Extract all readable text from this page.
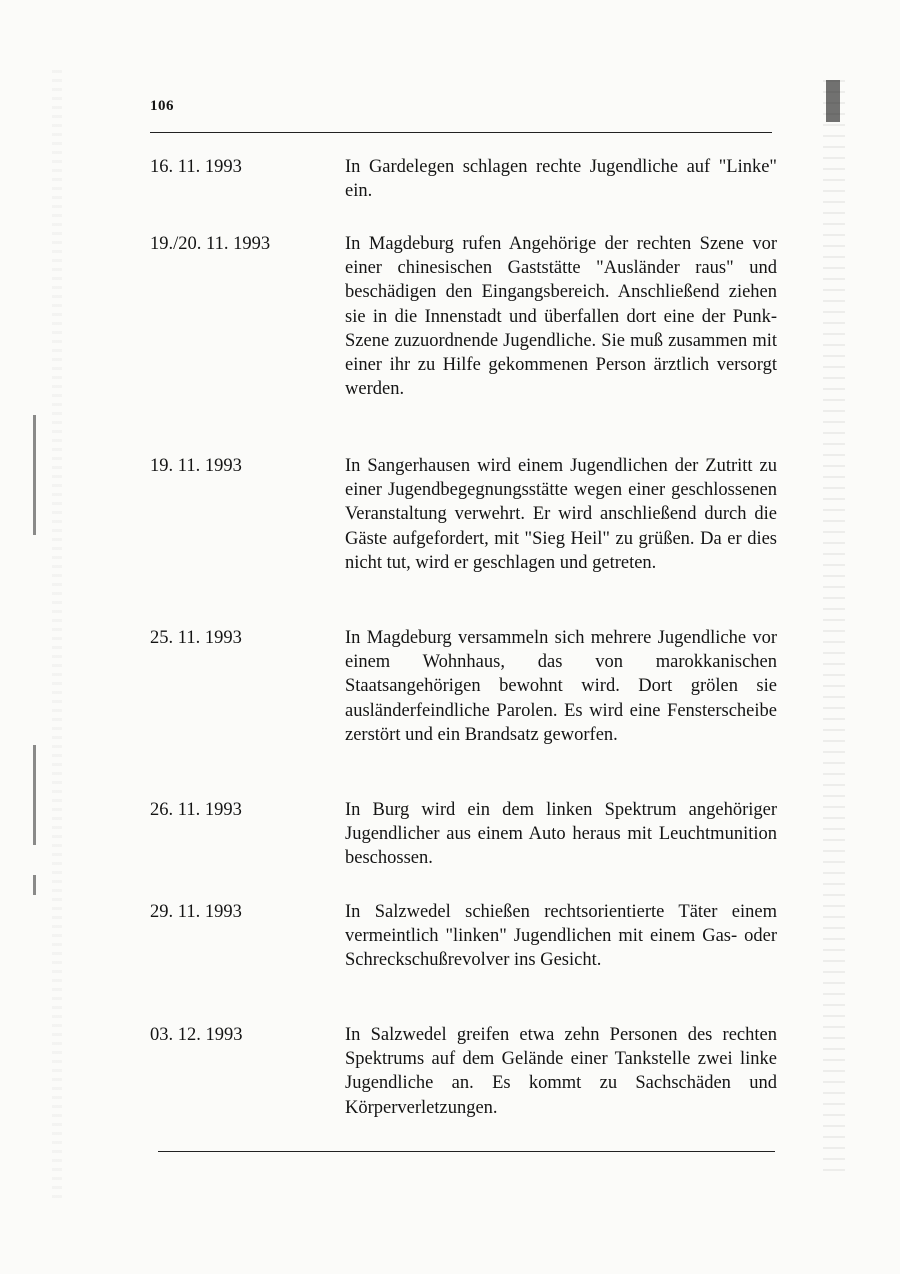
106
16. 11. 1993	In Gardelegen schlagen rechte Jugendliche auf "Linke" ein.
19./20. 11. 1993	In Magdeburg rufen Angehörige der rechten Szene vor einer chinesischen Gaststätte "Ausländer raus" und beschädigen den Eingangsbereich. Anschließend ziehen sie in die Innenstadt und überfallen dort eine der Punk-Szene zuzuordnende Jugendliche. Sie muß zusammen mit einer ihr zu Hilfe gekommenen Person ärztlich versorgt werden.
19. 11. 1993	In Sangerhausen wird einem Jugendlichen der Zutritt zu einer Jugendbegegnungsstätte wegen einer geschlossenen Veranstaltung verwehrt. Er wird anschließend durch die Gäste aufgefordert, mit "Sieg Heil" zu grüßen. Da er dies nicht tut, wird er geschlagen und getreten.
25. 11. 1993	In Magdeburg versammeln sich mehrere Jugendliche vor einem Wohnhaus, das von marokkanischen Staatsangehörigen bewohnt wird. Dort grölen sie ausländerfeindliche Parolen. Es wird eine Fensterscheibe zerstört und ein Brandsatz geworfen.
26. 11. 1993	In Burg wird ein dem linken Spektrum angehöriger Jugendlicher aus einem Auto heraus mit Leuchtmunition beschossen.
29. 11. 1993	In Salzwedel schießen rechtsorientierte Täter einem vermeintlich "linken" Jugendlichen mit einem Gas- oder Schreckschußrevolver ins Gesicht.
03. 12. 1993	In Salzwedel greifen etwa zehn Personen des rechten Spektrums auf dem Gelände einer Tankstelle zwei linke Jugendliche an. Es kommt zu Sachschäden und Körperverletzungen.
